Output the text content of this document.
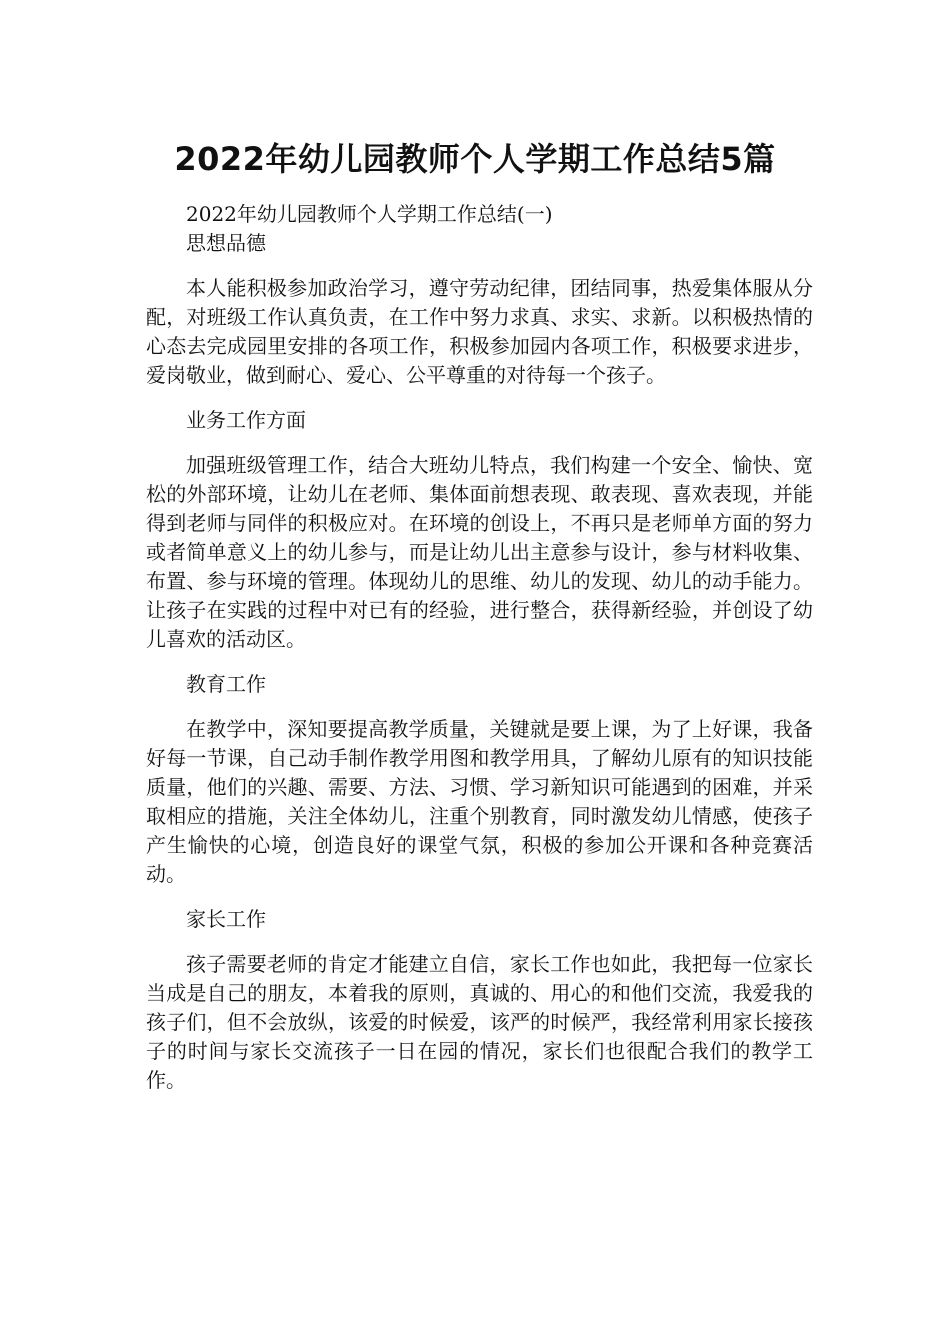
2022年幼儿园教师个人学期工作总结5篇

2022年幼儿园教师个人学期工作总结(一)

思想品德

本人能积极参加政治学习，遵守劳动纪律，团结同事，热爱集体服从分配，对班级工作认真负责，在工作中努力求真、求实、求新。以积极热情的心态去完成园里安排的各项工作，积极参加园内各项工作，积极要求进步，爱岗敬业，做到耐心、爱心、公平尊重的对待每一个孩子。

业务工作方面

加强班级管理工作，结合大班幼儿特点，我们构建一个安全、愉快、宽松的外部环境，让幼儿在老师、集体面前想表现、敢表现、喜欢表现，并能得到老师与同伴的积极应对。在环境的创设上，不再只是老师单方面的努力或者简单意义上的幼儿参与，而是让幼儿出主意参与设计，参与材料收集、布置、参与环境的管理。体现幼儿的思维、幼儿的发现、幼儿的动手能力。让孩子在实践的过程中对已有的经验，进行整合，获得新经验，并创设了幼儿喜欢的活动区。

教育工作

在教学中，深知要提高教学质量，关键就是要上课，为了上好课，我备好每一节课，自己动手制作教学用图和教学用具，了解幼儿原有的知识技能质量，他们的兴趣、需要、方法、习惯、学习新知识可能遇到的困难，并采取相应的措施，关注全体幼儿，注重个别教育，同时激发幼儿情感，使孩子产生愉快的心境，创造良好的课堂气氛，积极的参加公开课和各种竞赛活动。

家长工作

孩子需要老师的肯定才能建立自信，家长工作也如此，我把每一位家长当成是自己的朋友，本着我的原则，真诚的、用心的和他们交流，我爱我的孩子们，但不会放纵，该爱的时候爱，该严的时候严，我经常利用家长接孩子的时间与家长交流孩子一日在园的情况，家长们也很配合我们的教学工作。
